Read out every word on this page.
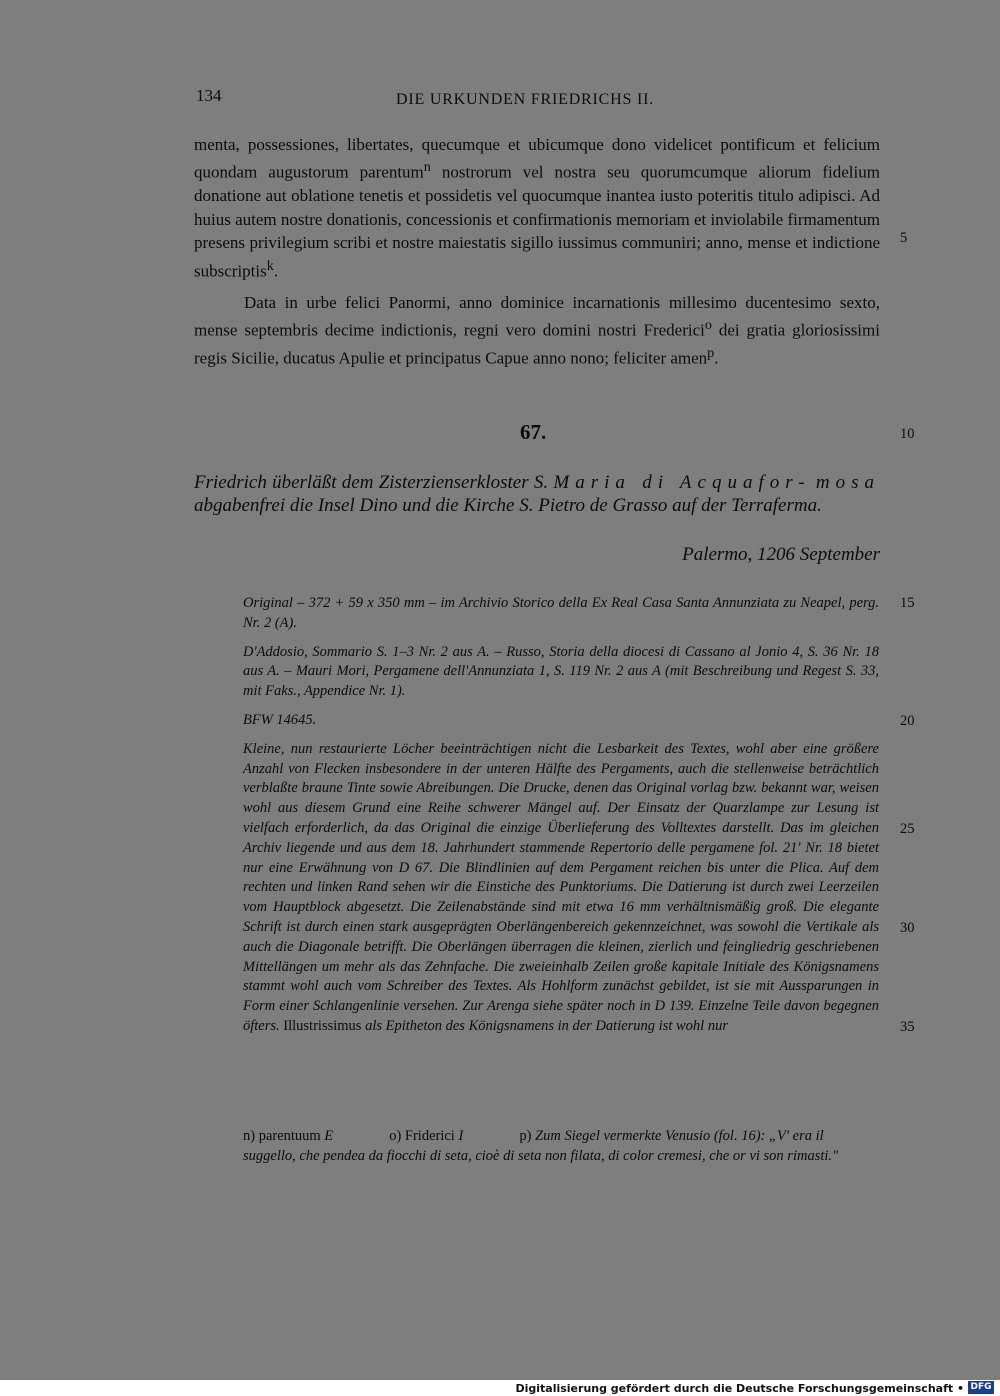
134	DIE URKUNDEN FRIEDRICHS II.

menta, possessiones, libertates, quecumque et ubicumque dono videlicet pontificum et felicium quondam augustorum parentum$^n$ nostrorum vel nostra seu quorumcumque aliorum fidelium donatione aut oblatione tenetis et possidetis vel quocumque inantea iusto poteritis titulo adipisci. Ad huius autem nostre donationis, concessionis et confirmationis memoriam et inviolabile firmamentum presens privilegium scribi et nostre maiestatis sigillo iussimus communiri; anno, mense et indictione subscriptis$^k$.

Data in urbe felici Panormi, anno dominice incarnationis millesimo ducentesimo sexto, mense septembris decime indictionis, regni vero domini nostri Frederici$^o$ dei gratia gloriosissimi regis Sicilie, ducatus Apulie et principatus Capue anno nono; feliciter amen$^p$.

67.
Friedrich überläßt dem Zisterzienserkloster S. Maria di Acquafor- mosa abgabenfrei die Insel Dino und die Kirche S. Pietro de Grasso auf der Terraferma.
Palermo, 1206 September

Original – 372 + 59 x 350 mm – im Archivio Storico della Ex Real Casa Santa Annunziata zu Neapel, perg. Nr. 2 (A).

D'Addosio, Sommario S. 1–3 Nr. 2 aus A. – Russo, Storia della diocesi di Cassano al Jonio 4, S. 36 Nr. 18 aus A. – Mauri Mori, Pergamene dell'Annunziata 1, S. 119 Nr. 2 aus A (mit Beschreibung und Regest S. 33, mit Faks., Appendice Nr. 1).

BFW 14645.

Kleine, nun restaurierte Löcher beeinträchtigen nicht die Lesbarkeit des Textes, wohl aber eine größere Anzahl von Flecken insbesondere in der unteren Hälfte des Pergaments, auch die stellenweise beträchtlich verblaßte braune Tinte sowie Abreibungen. Die Drucke, denen das Original vorlag bzw. bekannt war, weisen wohl aus diesem Grund eine Reihe schwerer Mängel auf. Der Einsatz der Quarzlampe zur Lesung ist vielfach erforderlich, da das Original die einzige Überlieferung des Volltextes darstellt. Das im gleichen Archiv liegende und aus dem 18. Jahrhundert stammende Repertorio delle pergamene fol. 21' Nr. 18 bietet nur eine Erwähnung von D 67. Die Blindlinien auf dem Pergament reichen bis unter die Plica. Auf dem rechten und linken Rand sehen wir die Einstiche des Punktoriums. Die Datierung ist durch zwei Leerzeilen vom Hauptblock abgesetzt. Die Zeilenabstände sind mit etwa 16 mm verhältnismäßig groß. Die elegante Schrift ist durch einen stark ausgeprägten Oberlängenbereich gekennzeichnet, was sowohl die Vertikale als auch die Diagonale betrifft. Die Oberlängen überragen die kleinen, zierlich und feingliedrig geschriebenen Mittellängen um mehr als das Zehnfache. Die zweieinhalb Zeilen große kapitale Initiale des Königsnamens stammt wohl auch vom Schreiber des Textes. Als Hohlform zunächst gebildet, ist sie mit Aussparungen in Form einer Schlangenlinie versehen. Zur Arenga siehe später noch in D 139. Einzelne Teile davon begegnen öfters. Illustrissimus als Epitheton des Königsnamens in der Datierung ist wohl nur

5
10
15
20
25
30
35
n) parentuum E	o) Friderici I	p) Zum Siegel vermerkte Venusio (fol. 16): „V' era il suggello, che pendea da fiocchi di seta, cioè di seta non filata, di color cremesi, che or vi son rimasti."
Digitalisierung gefördert durch die Deutsche Forschungsgemeinschaft • DFG
